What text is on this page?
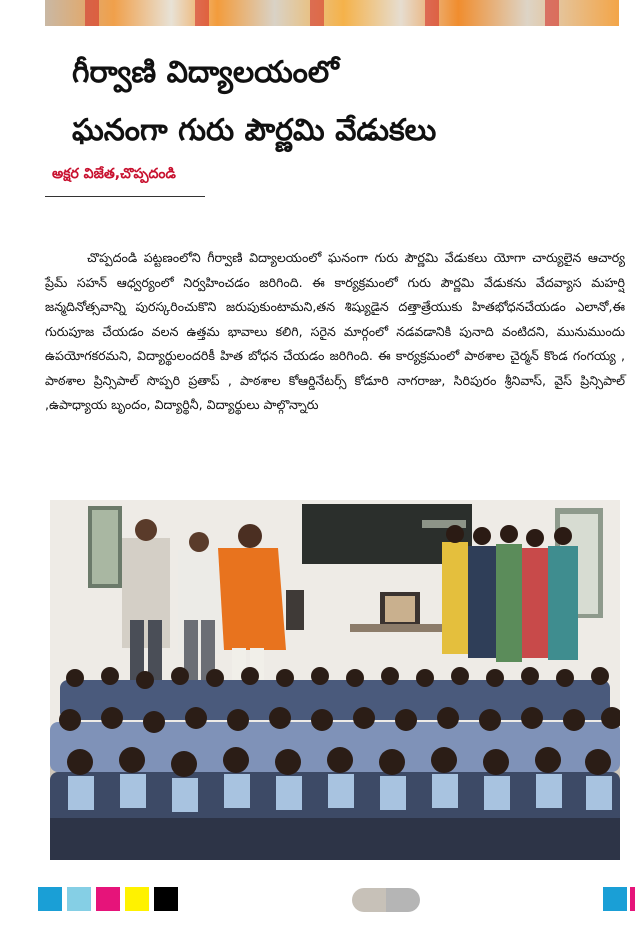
గీర్వాణి విద్యాలయంలో
ఘనంగా గురు పౌర్ణమి వేడుకలు

అక్షర విజేత,చొప్పదండి

చొప్పదండి పట్టణంలోని గీర్వాణి విద్యాలయంలో ఘనంగా గురు పౌర్ణమి వేడుకలు యోగా చార్యులైన ఆచార్య ప్రేమ్ సహన్ ఆధ్వర్యంలో నిర్వహించడం జరిగింది. ఈ కార్యక్రమంలో గురు పౌర్ణమి వేడుకను వేదవ్యాస మహర్షి జన్మదినోత్సవాన్ని పురస్కరించుకొని జరుపుకుంటామని,తన శిష్యుడైన దత్తాత్రేయుకు హితభోధనచేయడం ఎలానో,ఈ గురుపూజ చేయడం వలన ఉత్తమ భావాలు కలిగి, సరైన మార్గంలో నడవడానికి పునాది వంటిదని, మునుముందు ఉపయోగకరమని, విద్యార్థులందరికీ హిత బోధన చేయడం జరిగింది. ఈ కార్యక్రమంలో పాఠశాల చైర్మన్ కొండ గంగయ్య , పాఠశాల ప్రిన్సిపాల్ సొప్పరి ప్రతాప్ , పాఠశాల కోఆర్డినేటర్స్ కోడూరి నాగరాజు, సిరిపురం శ్రీనివాస్, వైస్ ప్రిన్సిపాల్ ,ఉపాధ్యాయ బృందం, విద్యార్థినీ, విద్యార్థులు పాల్గొన్నారు
